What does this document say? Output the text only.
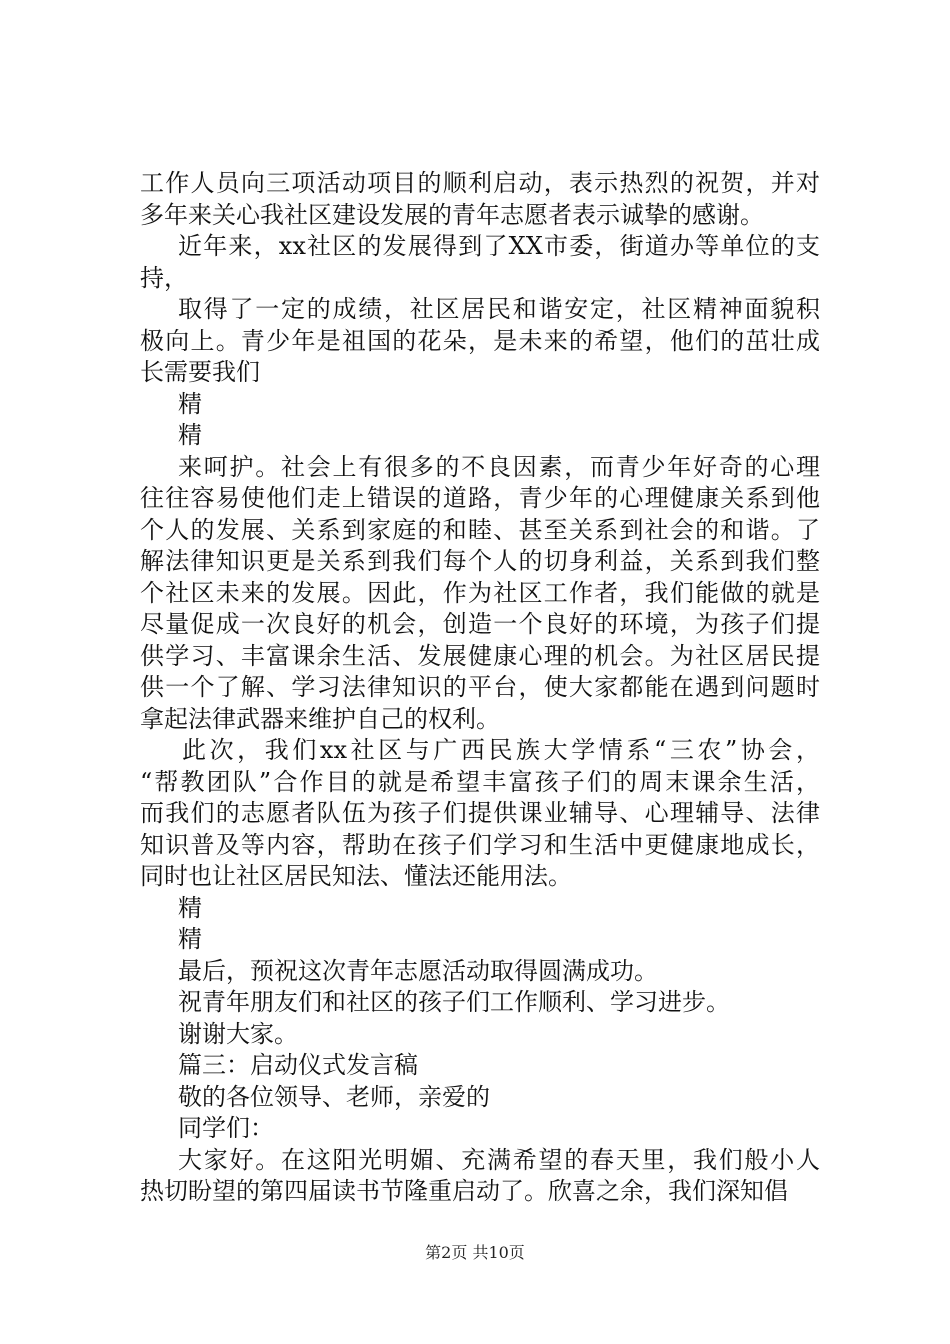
工作人员向三项活动项目的顺利启动，表示热烈的祝贺，并对
多年来关心我社区建设发展的青年志愿者表示诚挚的感谢。
近年来，xx社区的发展得到了XX市委，街道办等单位的支
持，
取得了一定的成绩，社区居民和谐安定，社区精神面貌积
极向上。青少年是祖国的花朵，是未来的希望，他们的茁壮成
长需要我们
精
精
来呵护。社会上有很多的不良因素，而青少年好奇的心理
往往容易使他们走上错误的道路，青少年的心理健康关系到他
个人的发展、关系到家庭的和睦、甚至关系到社会的和谐。了
解法律知识更是关系到我们每个人的切身利益，关系到我们整
个社区未来的发展。因此，作为社区工作者，我们能做的就是
尽量促成一次良好的机会，创造一个良好的环境，为孩子们提
供学习、丰富课余生活、发展健康心理的机会。为社区居民提
供一个了解、学习法律知识的平台，使大家都能在遇到问题时
拿起法律武器来维护自己的权利。
此次，我们xx社区与广西民族大学情系“三农”协会，
“帮教团队”合作目的就是希望丰富孩子们的周末课余生活，
而我们的志愿者队伍为孩子们提供课业辅导、心理辅导、法律
知识普及等内容，帮助在孩子们学习和生活中更健康地成长，
同时也让社区居民知法、懂法还能用法。
精
精
最后，预祝这次青年志愿活动取得圆满成功。
祝青年朋友们和社区的孩子们工作顺利、学习进步。
谢谢大家。
篇三：启动仪式发言稿
敬的各位领导、老师，亲爱的
同学们：
大家好。在这阳光明媚、充满希望的春天里，我们般小人
热切盼望的第四届读书节隆重启动了。欣喜之余，我们深知倡
第2页 共10页
